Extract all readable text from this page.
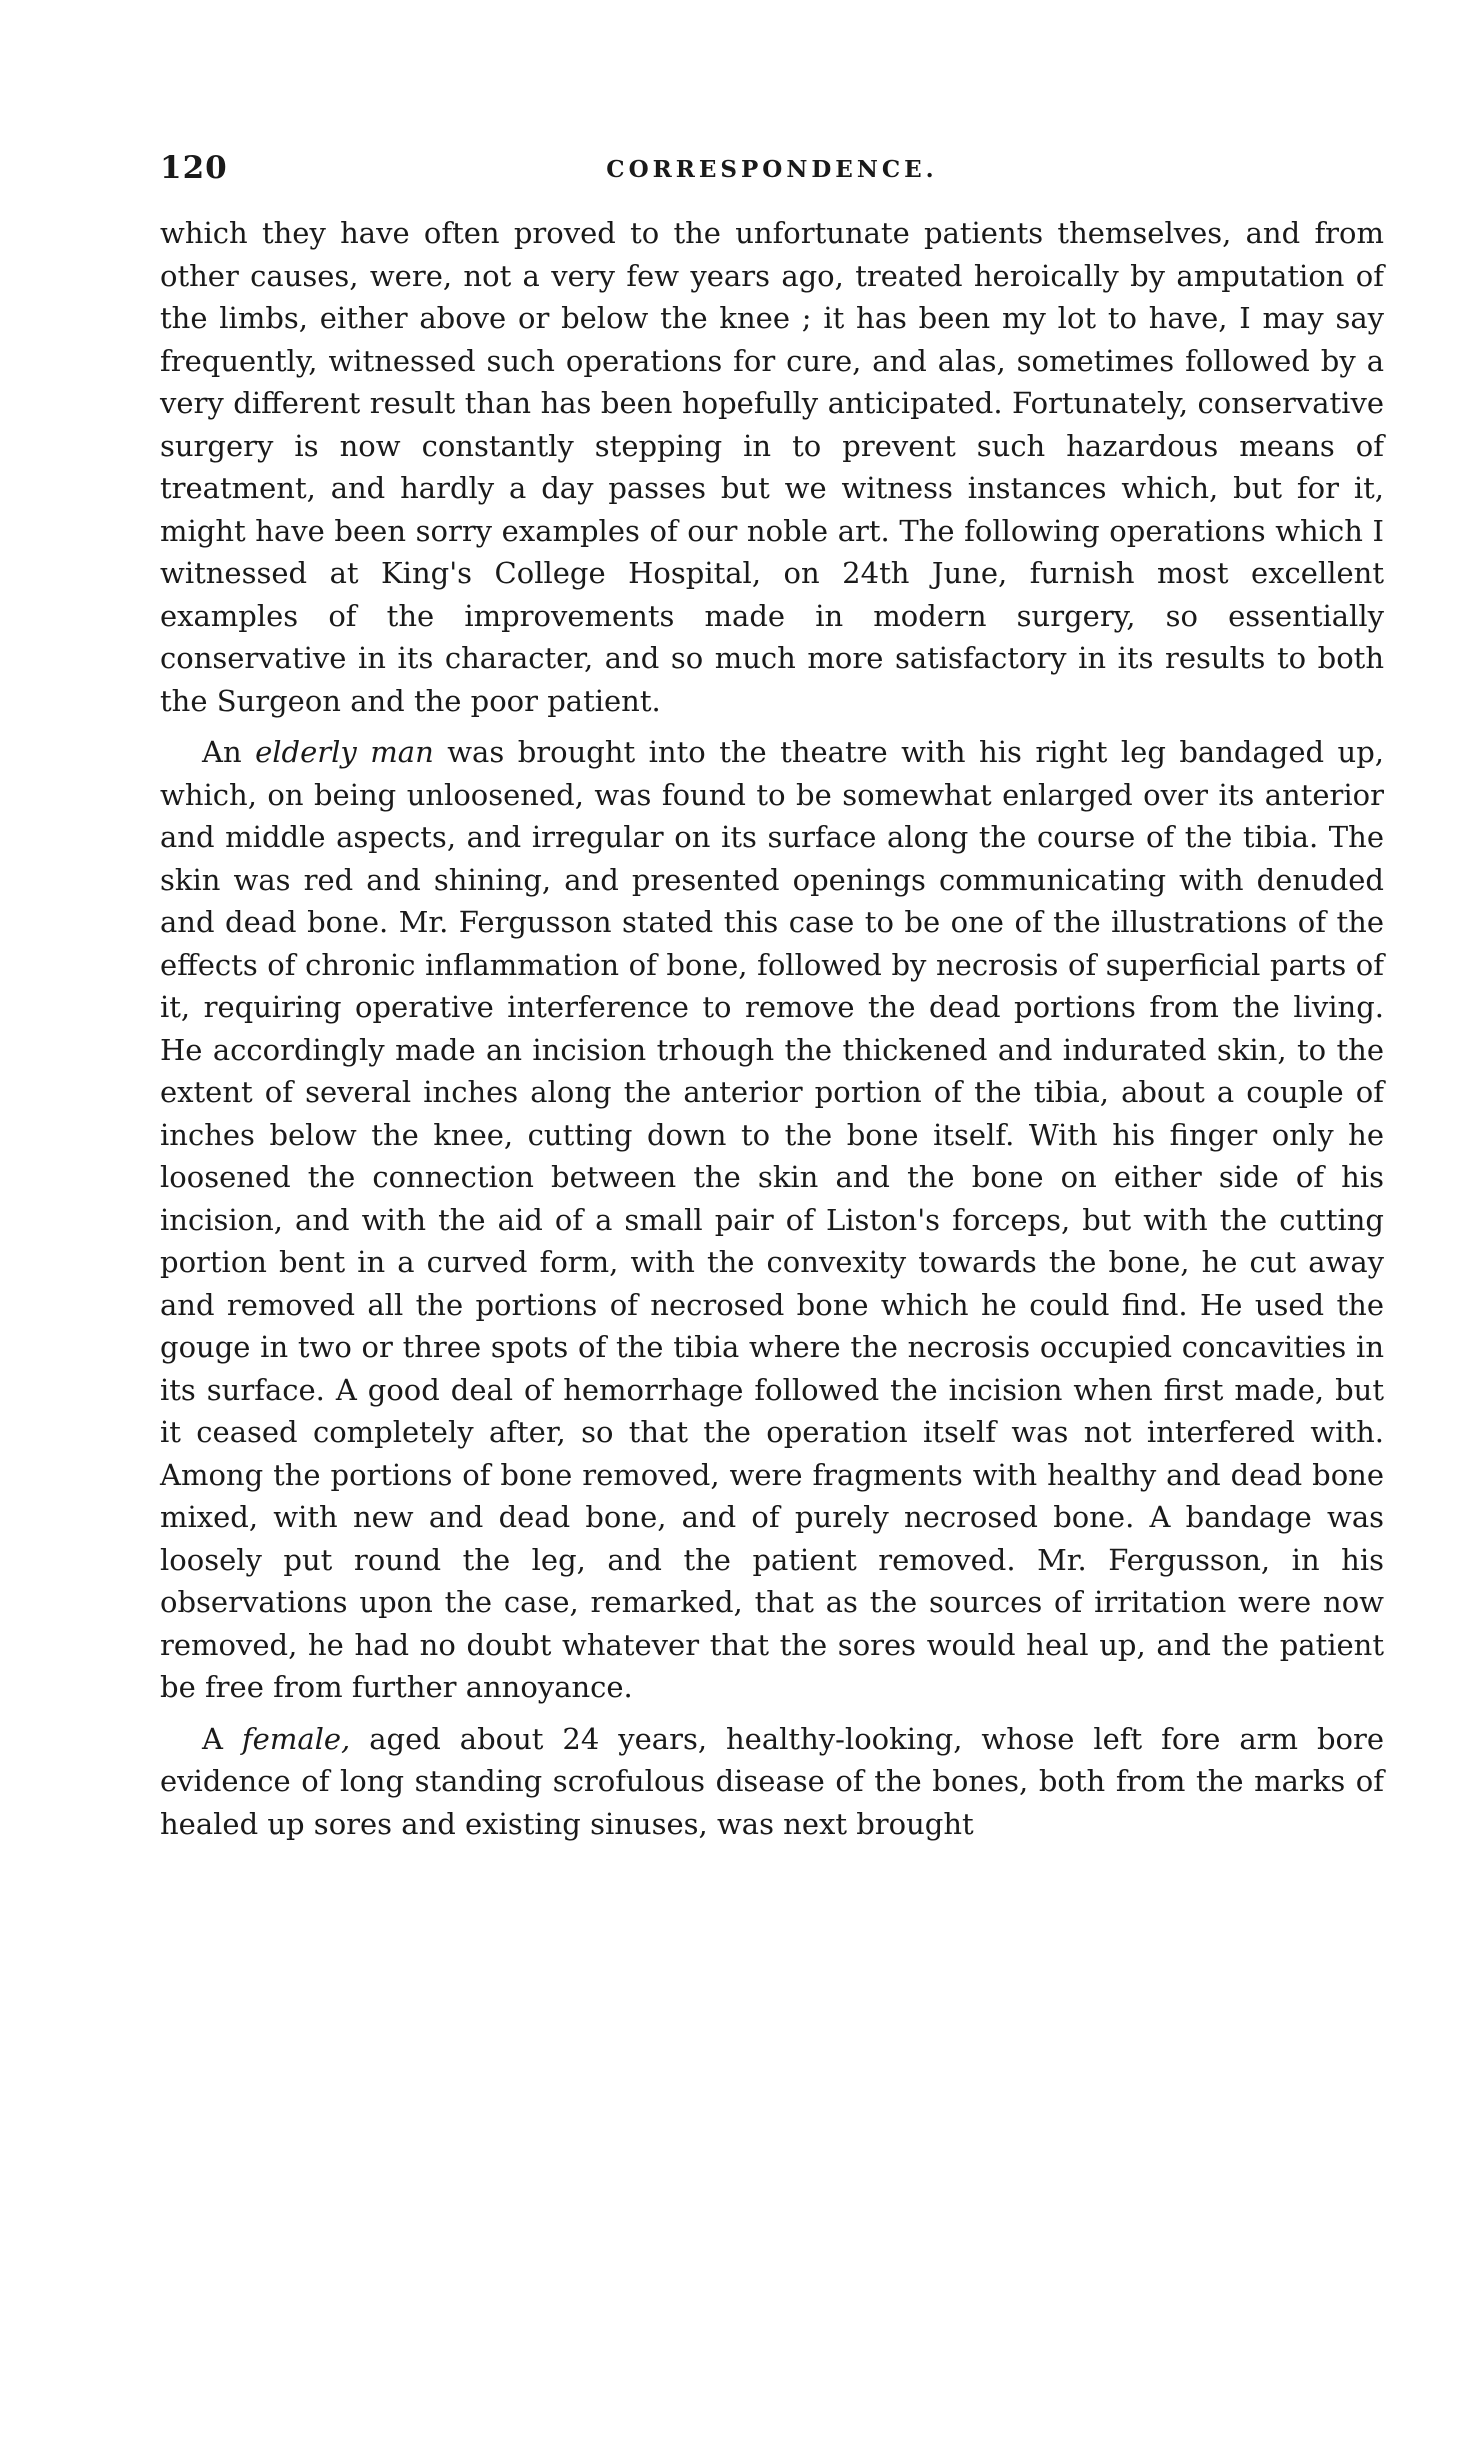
120	CORRESPONDENCE.

which they have often proved to the unfortunate patients themselves, and from other causes, were, not a very few years ago, treated heroically by amputation of the limbs, either above or below the knee ; it has been my lot to have, I may say frequently, witnessed such operations for cure, and alas, sometimes followed by a very different result than has been hopefully anticipated. Fortunately, conservative surgery is now constantly stepping in to prevent such hazardous means of treatment, and hardly a day passes but we witness instances which, but for it, might have been sorry examples of our noble art. The following operations which I witnessed at King's College Hospital, on 24th June, furnish most excellent examples of the improvements made in modern surgery, so essentially conservative in its character, and so much more satisfactory in its results to both the Surgeon and the poor patient.

An elderly man was brought into the theatre with his right leg bandaged up, which, on being unloosened, was found to be somewhat enlarged over its anterior and middle aspects, and irregular on its surface along the course of the tibia. The skin was red and shining, and presented openings communicating with denuded and dead bone. Mr. Fergusson stated this case to be one of the illustrations of the effects of chronic inflammation of bone, followed by necrosis of superficial parts of it, requiring operative interference to remove the dead portions from the living. He accordingly made an incision trhough the thickened and indurated skin, to the extent of several inches along the anterior portion of the tibia, about a couple of inches below the knee, cutting down to the bone itself. With his finger only he loosened the connection between the skin and the bone on either side of his incision, and with the aid of a small pair of Liston's forceps, but with the cutting portion bent in a curved form, with the convexity towards the bone, he cut away and removed all the portions of necrosed bone which he could find. He used the gouge in two or three spots of the tibia where the necrosis occupied concavities in its surface. A good deal of hemorrhage followed the incision when first made, but it ceased completely after, so that the operation itself was not interfered with. Among the portions of bone removed, were fragments with healthy and dead bone mixed, with new and dead bone, and of purely necrosed bone. A bandage was loosely put round the leg, and the patient removed. Mr. Fergusson, in his observations upon the case, remarked, that as the sources of irritation were now removed, he had no doubt whatever that the sores would heal up, and the patient be free from further annoyance.

A female, aged about 24 years, healthy-looking, whose left fore arm bore evidence of long standing scrofulous disease of the bones, both from the marks of healed up sores and existing sinuses, was next brought
